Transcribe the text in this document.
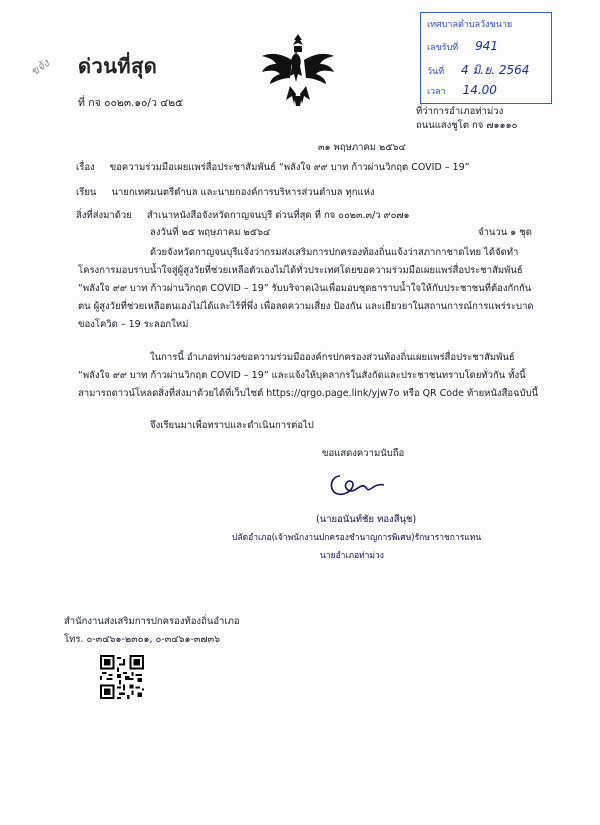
ขจัง ด่วนที่สุด
เทศบาลตำบลวังขนาย
เลขรับที่ 941
วันที่ 4 มิ.ย. 2564
เวลา 14.00
ที่ กจ ๐๐๒๓.๑๐/ว ๔๒๕
ที่ว่าการอำเภอท่าม่วง
ถนนแสงชูโต กจ ๗๑๑๑๐
๓๑ พฤษภาคม ๒๕๖๔
เรื่อง ขอความร่วมมือเผยแพร่สื่อประชาสัมพันธ์ “พลังใจ ๙๙ บาท ก้าวผ่านวิกฤต COVID – 19”
เรียน นายกเทศมนตรีตำบล และนายกองค์การบริหารส่วนตำบล ทุกแห่ง
สิ่งที่ส่งมาด้วย สำเนาหนังสือจังหวัดกาญจนบุรี ด่วนที่สุด ที่ กจ ๐๐๒๓.๓/ว ๙๐๗๑
ลงวันที่ ๒๕ พฤษภาคม ๒๕๖๔	จำนวน ๑ ชุด
ด้วยจังหวัดกาญจนบุรีแจ้งว่ากรมส่งเสริมการปกครองท้องถิ่นแจ้งว่าสภากาชาดไทย ได้จัดทำ
โครงการมอบราบน้ำใจสู่ผู้สูงวัยที่ช่วยเหลือตัวเองไม่ได้ทั่วประเทศโดยขอความร่วมมือเผยแพร่สื่อประชาสัมพันธ์
“พลังใจ ๙๙ บาท ก้าวผ่านวิกฤต COVID – 19” รับบริจาคเงินเพื่อมอบชุดธาราบน้ำใจให้กับประชาชนที่ต้องกักกัน
ตน ผู้สูงวัยที่ช่วยเหลือตนเองไม่ได้และไร้ที่พึ่ง เพื่อลดความเสี่ยง ป้องกัน และเยียวยาในสถานการณ์การแพร่ระบาด
ของโควิด – 19 ระลอกใหม่
ในการนี้ อำเภอท่าม่วงขอความร่วมมือองค์กรปกครองส่วนท้องถิ่นเผยแพร่สื่อประชาสัมพันธ์
“พลังใจ ๙๙ บาท ก้าวผ่านวิกฤต COVID – 19” และแจ้งให้บุคลากรในสังกัดและประชาชนทราบโดยทั่วกัน ทั้งนี้
สามารถดาวน์โหลดสิ่งที่ส่งมาด้วยได้ที่เว็บไซต์ https://qrgo.page.link/yjw7o หรือ QR Code ท้ายหนังสือฉบับนี้
จึงเรียนมาเพื่อทราบและดำเนินการต่อไป
ขอแสดงความนับถือ
(นายอนันท์ชัย ทองสีนุช)
ปลัดอำเภอ(เจ้าพนักงานปกครองชำนาญการพิเศษ)รักษาราชการแทน
นายอำเภอท่าม่วง
สำนักงานส่งเสริมการปกครองท้องถิ่นอำเภอ
โทร. ๐-๓๔๖๑-๒๓๐๑, ๐-๓๔๖๑-๓๗๓๖
